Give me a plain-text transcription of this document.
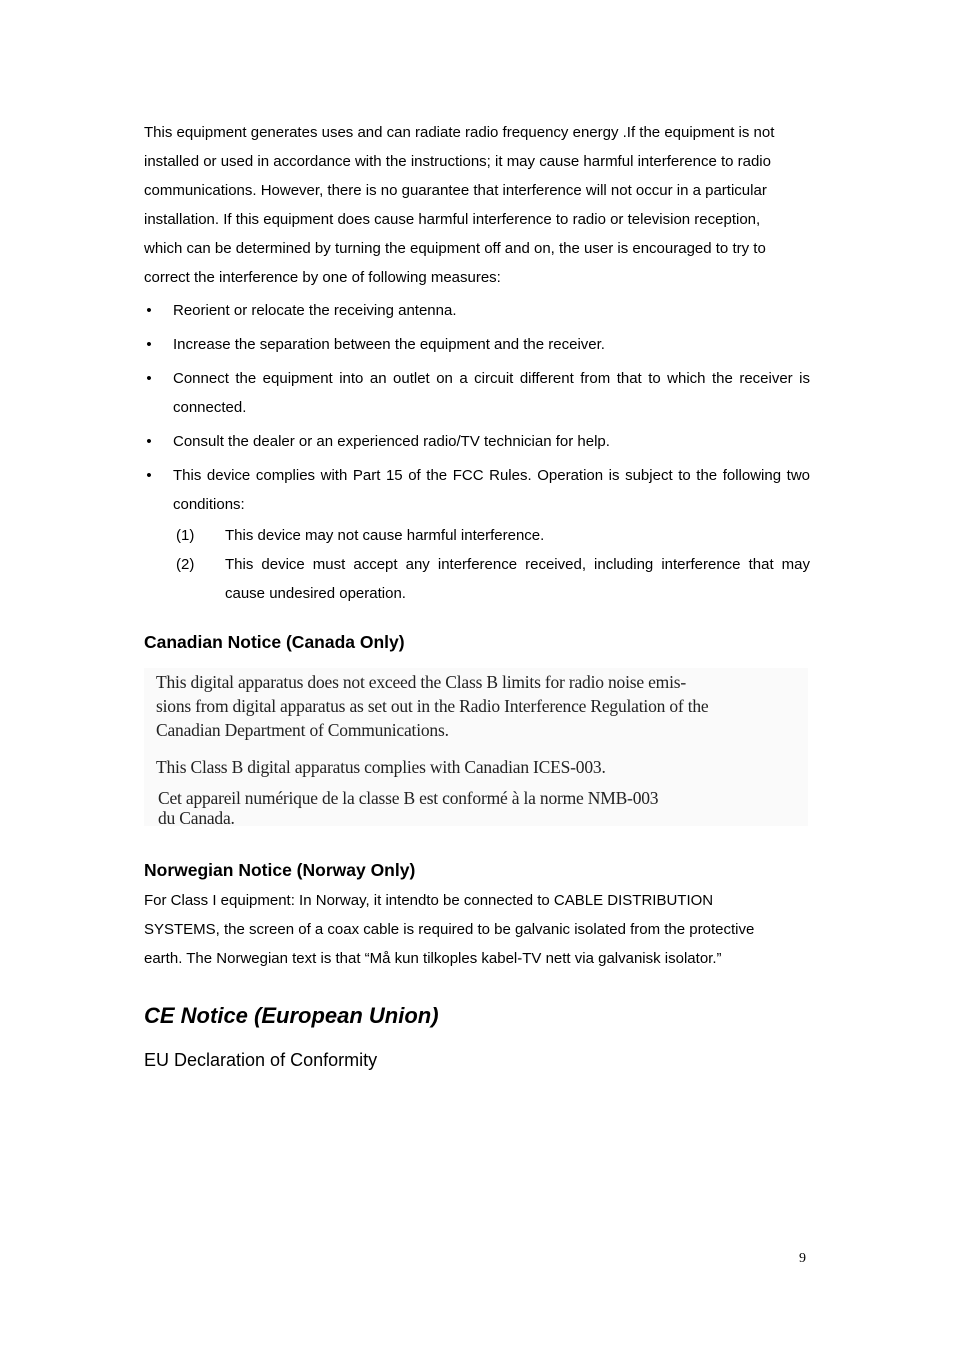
This equipment generates uses and can radiate radio frequency energy .If the equipment is not

installed or used in accordance with the instructions; it may cause harmful interference to radio

communications. However, there is no guarantee that interference will not occur in a particular

installation. If this equipment does cause harmful interference to radio or television reception,

which can be determined by turning the equipment off and on, the user is encouraged to try to

correct the interference by one of following measures:

• Reorient or relocate the receiving antenna.
• Increase the separation between the equipment and the receiver.
• Connect the equipment into an outlet on a circuit different from that to which the receiver is connected.
• Consult the dealer or an experienced radio/TV technician for help.
• This device complies with Part 15 of the FCC Rules. Operation is subject to the following two conditions:
(1) This device may not cause harmful interference.
(2) This device must accept any interference received, including interference that may cause undesired operation.
Canadian Notice (Canada Only)
This digital apparatus does not exceed the Class B limits for radio noise emis-
sions from digital apparatus as set out in the Radio Interference Regulation of the
Canadian Department of Communications.
This Class B digital apparatus complies with Canadian ICES-003.
Cet appareil numérique de la classe B est conformé à la norme NMB-003
du Canada.
Norwegian Notice (Norway Only)

For Class I equipment: In Norway, it intendto be connected to CABLE DISTRIBUTION

SYSTEMS, the screen of a coax cable is required to be galvanic isolated from the protective

earth. The Norwegian text is that “Må kun tilkoples kabel-TV nett via galvanisk isolator.”

CE Notice (European Union)

EU Declaration of Conformity

9
